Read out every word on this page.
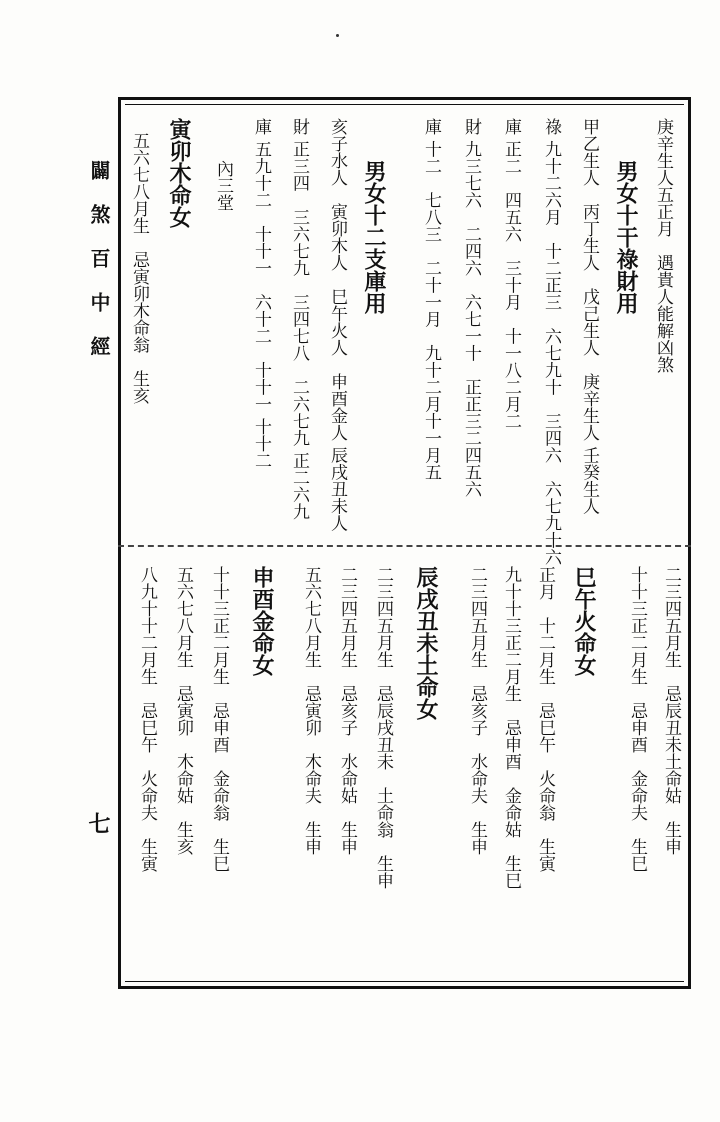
闢煞百中經
七
庚辛生人五正月　遇貴人能解凶煞
男女十干祿財用
甲乙生人　丙丁生人　戊己生人　庚辛生人 壬癸生人
祿 九十二六月　十二正三　六七九十　三四六　六七九十六
庫 正二　四五六　三十月　十一八二月二
財 九三七六　二四六　六七一十　正正三二四五六
庫 十二　七八三　二十一月　九十二月十一月五
男女十二支庫用
亥子水人　寅卯木人　巳午火人　申酉金人 辰戌丑未人
財 正三四　三六七九　三四七八　二六七九 正二六九
庫 五九十二　十十一　六十二　十十一 十十二
內三堂
寅卯木命女
五六七八月生　忌寅卯木命翁　生亥
二三四五月生　忌辰丑未土命姑　生申
十十三正二月生　忌申酉　金命夫　生巳
巳午火命女
正月　十二月生　忌巳午　火命翁　生寅
九十十三正二月生　忌申酉　金命姑　生巳
二三四五月生　忌亥子　水命夫　生申
辰戌丑未土命女
二三四五月生　忌辰戌丑未　土命翁　生申
二三四五月生　忌亥子　水命姑　生申
五六七八月生　忌寅卯　木命夫　生申
申酉金命女
十十三正二月生　忌申酉　金命翁　生巳
五六七八月生　忌寅卯　木命姑　生亥
八九十十二月生　忌巳午　火命夫　生寅
